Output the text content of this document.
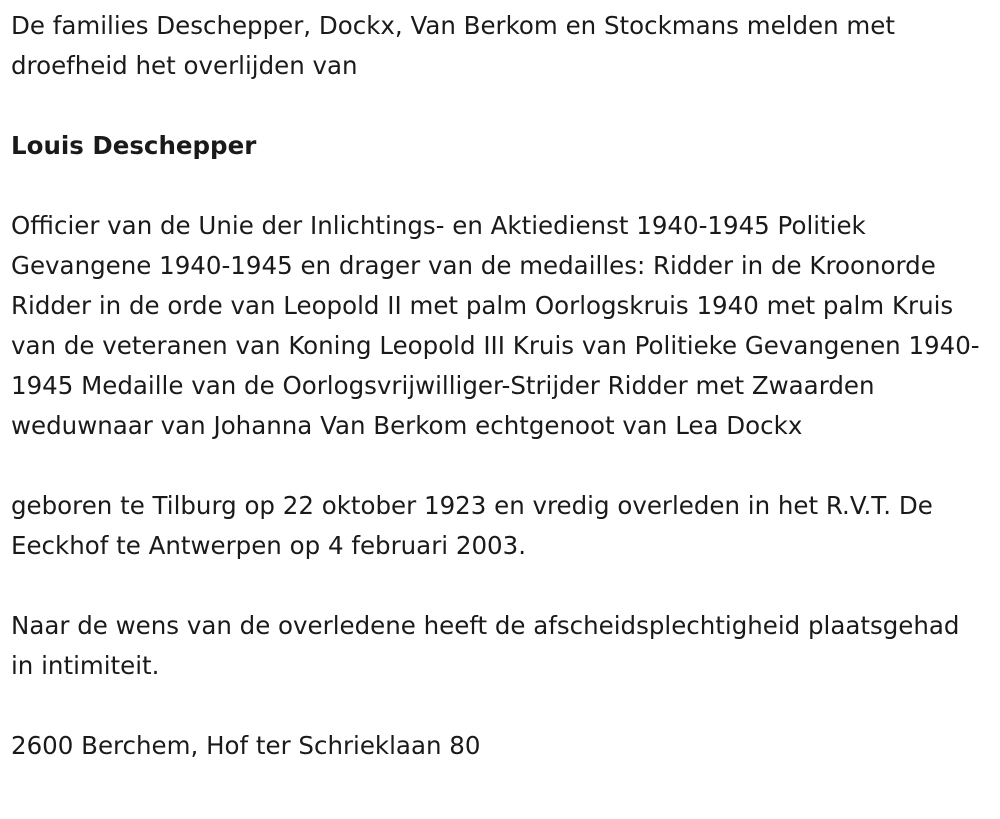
De families Deschepper, Dockx, Van Berkom en Stockmans melden met droefheid het overlijden van

Louis Deschepper

Officier van de Unie der Inlichtings- en Aktiedienst 1940-1945 Politiek Gevangene 1940-1945 en drager van de medailles: Ridder in de Kroonorde Ridder in de orde van Leopold II met palm Oorlogskruis 1940 met palm Kruis van de veteranen van Koning Leopold III Kruis van Politieke Gevangenen 1940-1945 Medaille van de Oorlogsvrijwilliger-Strijder Ridder met Zwaarden weduwnaar van Johanna Van Berkom echtgenoot van Lea Dockx

geboren te Tilburg op 22 oktober 1923 en vredig overleden in het R.V.T. De Eeckhof te Antwerpen op 4 februari 2003.

Naar de wens van de overledene heeft de afscheidsplechtigheid plaatsgehad in intimiteit.

2600 Berchem, Hof ter Schrieklaan 80
